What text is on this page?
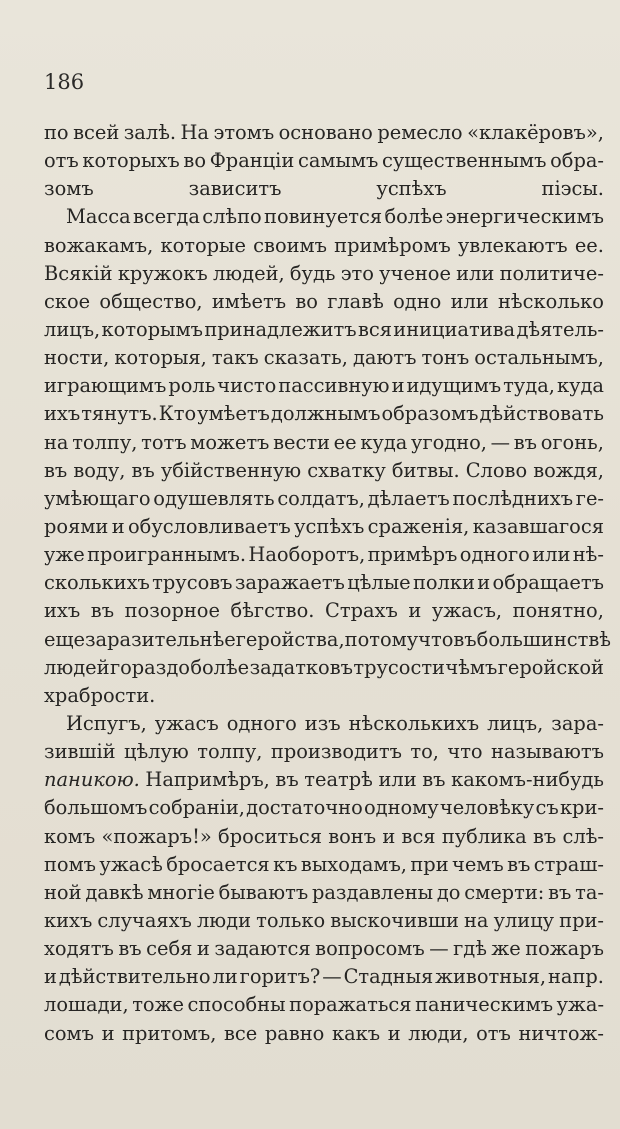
186

по всей залѣ. На этомъ основано ремесло «клакёровъ»,
отъ которыхъ во Франціи самымъ существеннымъ обра-
зомъ	зависитъ	успѣхъ	піэсы.
Масса всегда слѣпо повинуется болѣе энергическимъ
вожакамъ, которые своимъ примѣромъ увлекаютъ ее.
Всякій кружокъ людей, будь это ученое или политиче-
ское общество, имѣетъ во главѣ одно или нѣсколько
лицъ, которымъ принадлежитъ вся инициатива дѣятель-
ности, которыя, такъ сказать, даютъ тонъ остальнымъ,
играющимъ роль чисто пассивную и идущимъ туда, куда
ихъ тянутъ. Кто умѣетъ должнымъ образомъ дѣйствовать
на толпу, тотъ можетъ вести ее куда угодно, — въ огонь,
въ воду, въ убійственную схватку битвы. Слово вождя,
умѣющаго одушевлять солдатъ, дѣлаетъ послѣднихъ ге-
роями и обусловливаетъ успѣхъ сраженія, казавшагося
уже проиграннымъ. Наоборотъ, примѣръ одного или нѣ-
сколькихъ трусовъ заражаетъ цѣлые полки и обращаетъ
ихъ въ позорное бѣгство. Страхъ и ужасъ, понятно,
еще заразительнѣе геройства, потому что въ большинствѣ
людей гораздо болѣе задатковъ трусости чѣмъ геройской
храбрости.
Испугъ, ужасъ одного изъ нѣсколькихъ лицъ, зара-
зившій цѣлую толпу, производитъ то, что называютъ
паникою. Напримѣръ, въ театрѣ или въ какомъ-нибудь
большомъ собраніи, достаточно одному человѣку съ кри-
комъ «пожаръ!» броситься вонъ и вся публика въ слѣ-
помъ ужасѣ бросается къ выходамъ, при чемъ въ страш-
ной давкѣ многіе бываютъ раздавлены до смерти: въ та-
кихъ случаяхъ люди только выскочивши на улицу при-
ходятъ въ себя и задаются вопросомъ — гдѣ же пожаръ
и дѣйствительно ли горитъ? — Стадныя животныя, напр.
лошади, тоже способны поражаться паническимъ ужа-
сомъ и притомъ, все равно какъ и люди, отъ ничтож-
